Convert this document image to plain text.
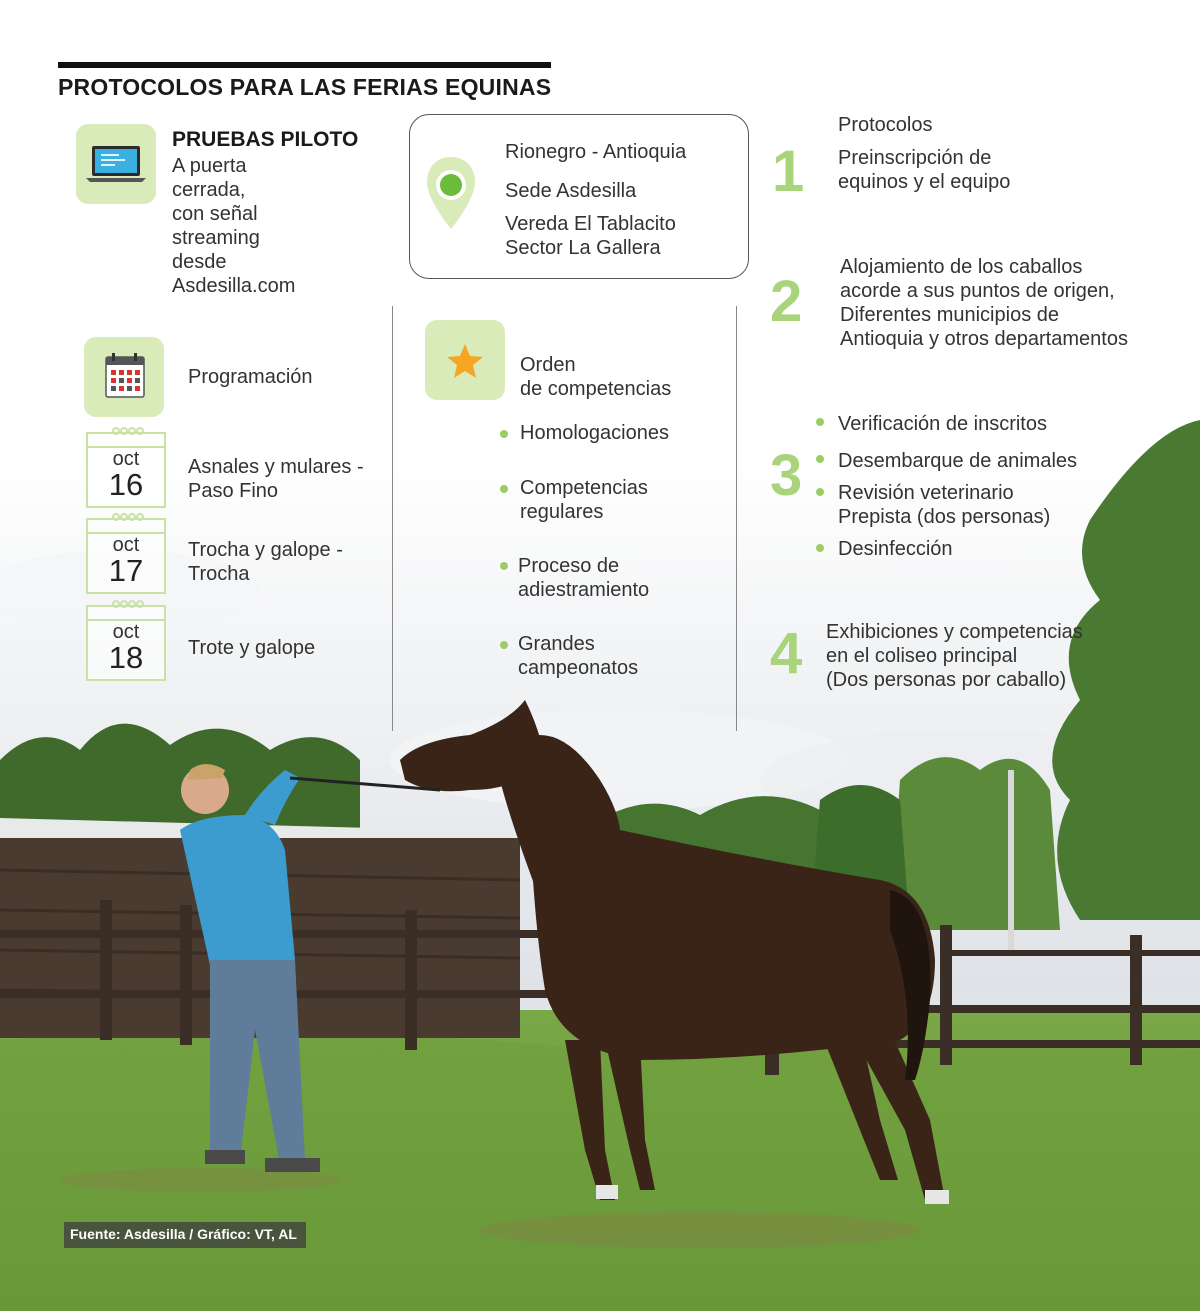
PROTOCOLOS PARA LAS FERIAS EQUINAS
PRUEBAS PILOTO
A puerta
cerrada,
con señal
streaming
desde
Asdesilla.com
Rionegro - Antioquia
Sede Asdesilla
Vereda El Tablacito
Sector La Gallera
Programación
oct
16	Asnales y mulares -
Paso Fino
oct
17
Trocha y galope -
Trocha
oct
18	Trote y galope
Orden
de competencias
Homologaciones
Competencias
regulares
Proceso de
adiestramiento
Grandes
campeonatos
Protocolos
1 Preinscripción de
equinos y el equipo
2
Alojamiento de los caballos
acorde a sus puntos de origen,
Diferentes municipios de
Antioquia y otros departamentos
3
Verificación de inscritos
Desembarque de animales
Revisión veterinario
Prepista (dos personas)
Desinfección
4 Exhibiciones y competencias
en el coliseo principal
(Dos personas por caballo)
Fuente: Asdesilla / Gráfico: VT, AL
